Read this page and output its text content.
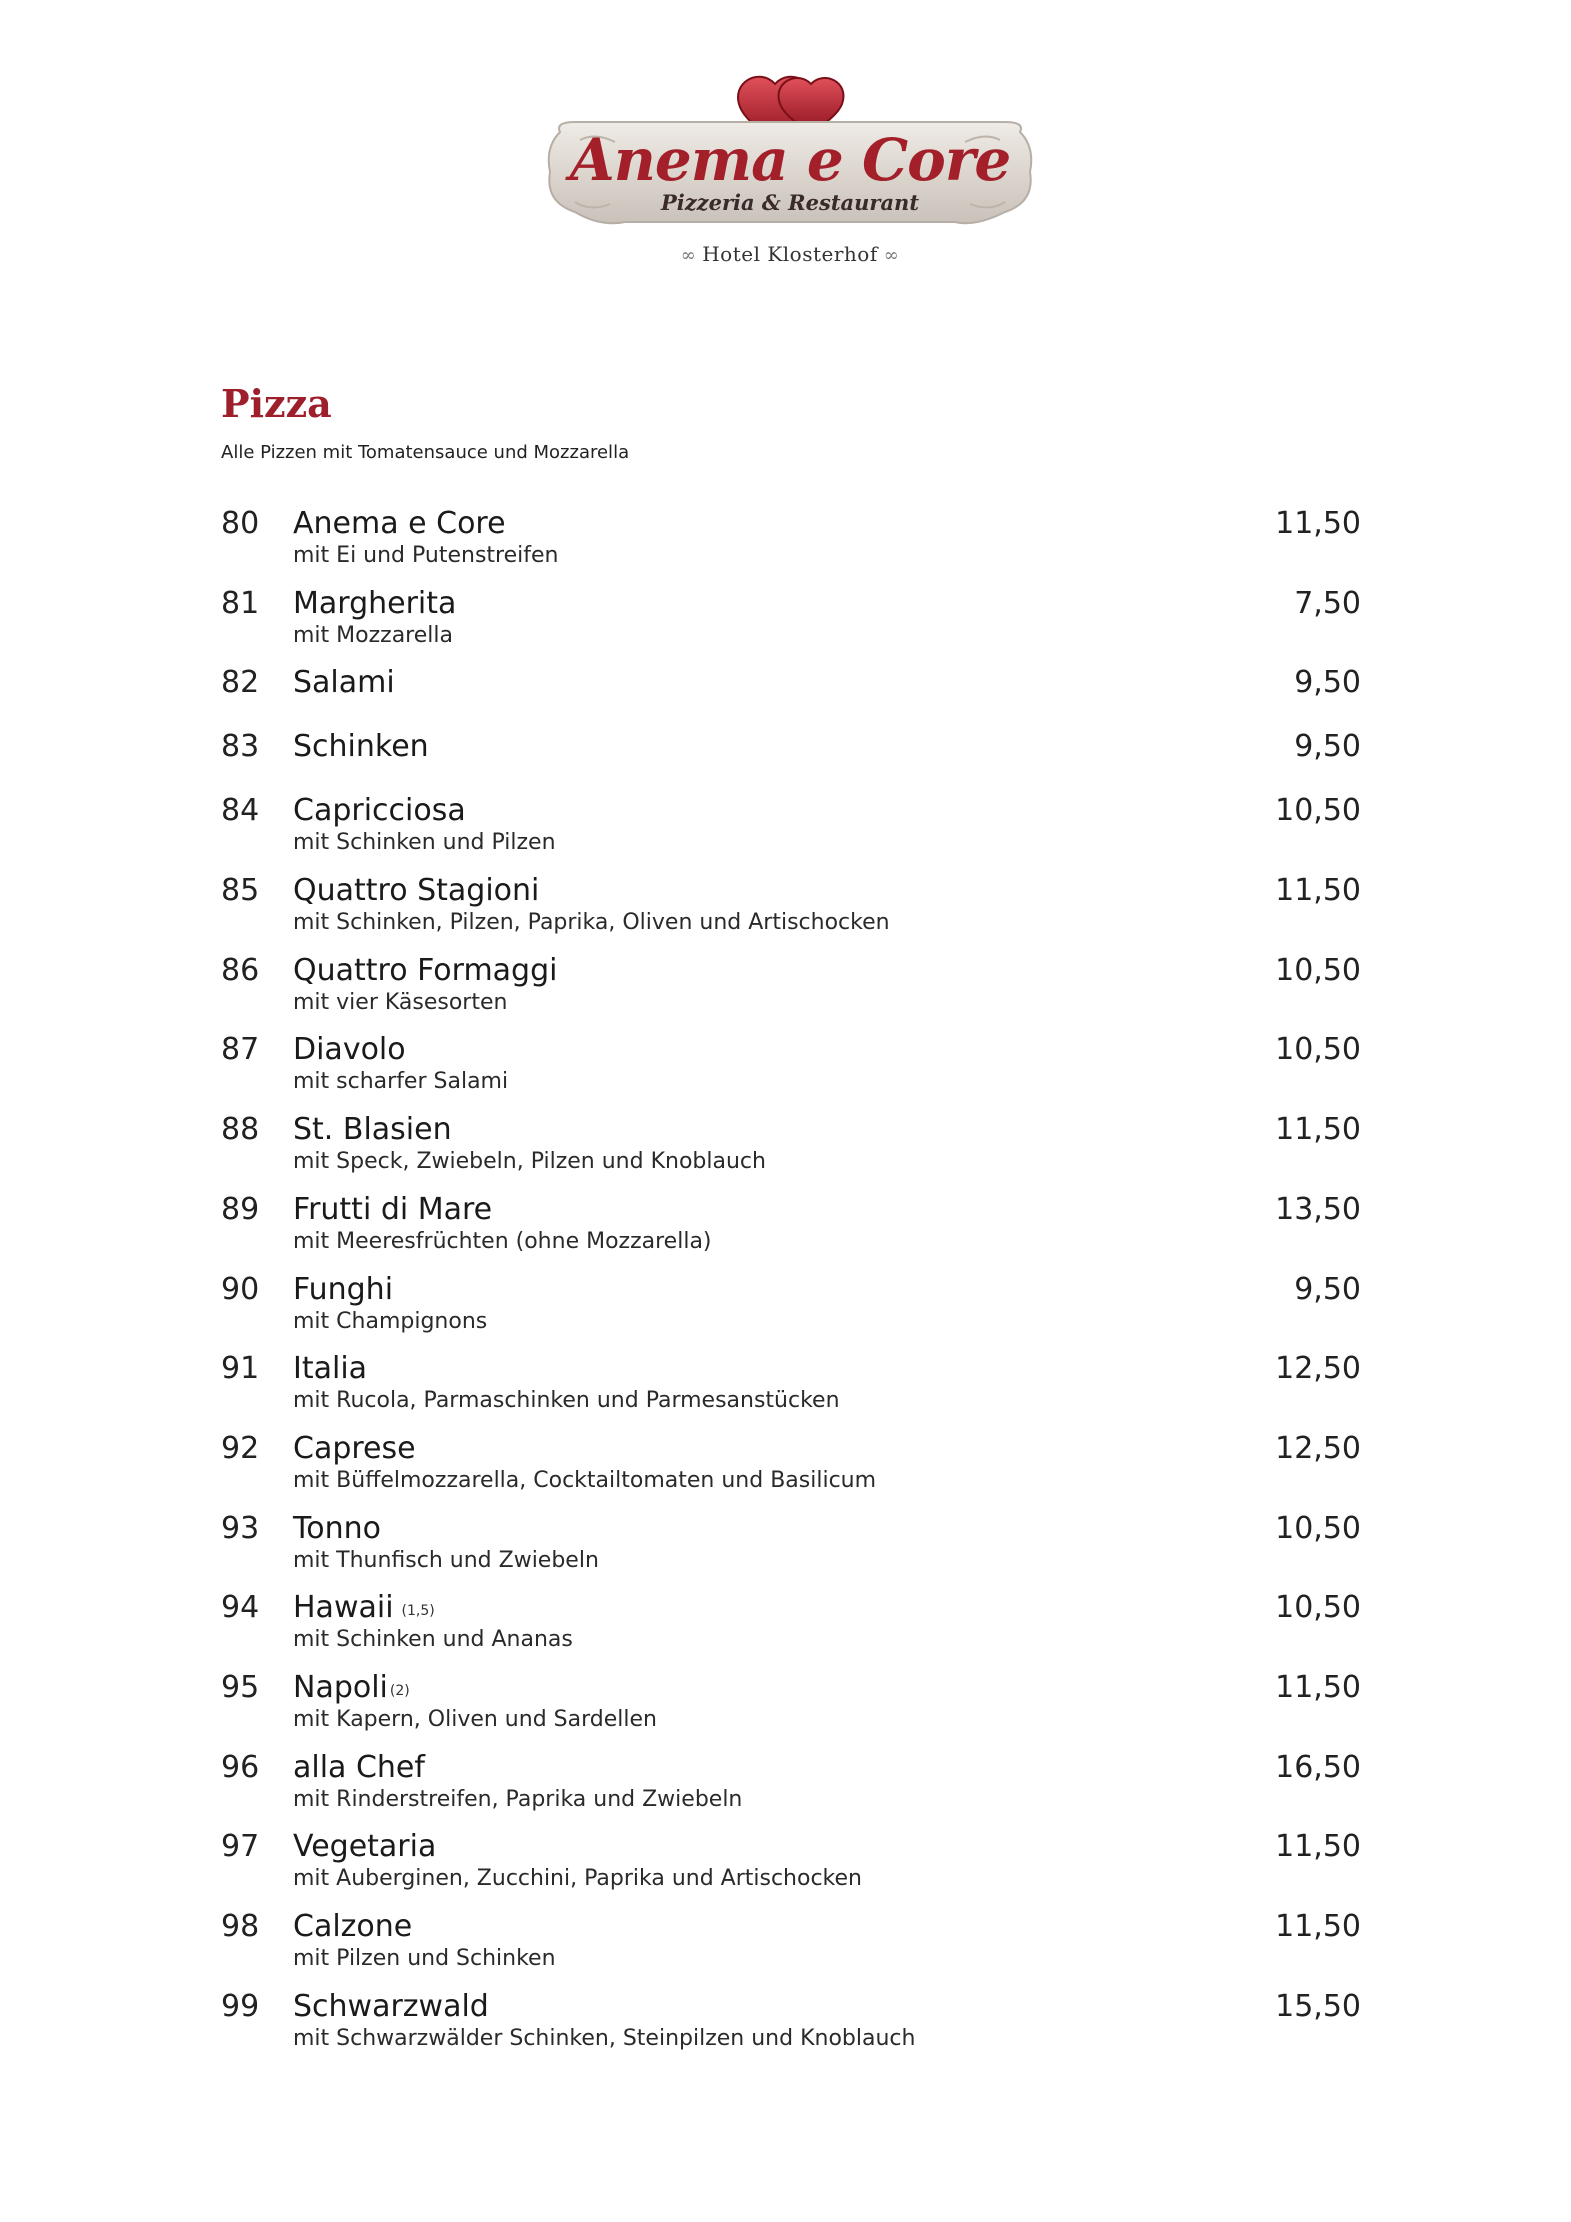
Anema e Core
Pizzeria & Restaurant
∞ Hotel Klosterhof ∞
Pizza
Alle Pizzen mit Tomatensauce und Mozzarella
80 Anema e Core
mit Ei und Putenstreifen
11,50
81 Margherita
mit Mozzarella
7,50
82 Salami	9,50
83 Schinken	9,50
84 Capricciosa
mit Schinken und Pilzen
10,50
85 Quattro Stagioni
mit Schinken, Pilzen, Paprika, Oliven und Artischocken
11,50
86 Quattro Formaggi
mit vier Käsesorten
10,50
87 Diavolo
mit scharfer Salami
10,50
88 St. Blasien
mit Speck, Zwiebeln, Pilzen und Knoblauch
11,50
89 Frutti di Mare
mit Meeresfrüchten (ohne Mozzarella)
13,50
90 Funghi
mit Champignons
9,50
91 Italia
mit Rucola, Parmaschinken und Parmesanstücken
12,50
92 Caprese
mit Büffelmozzarella, Cocktailtomaten und Basilicum
12,50
93 Tonno
mit Thunfisch und Zwiebeln
10,50
94 Hawaii (1,5)
mit Schinken und Ananas
10,50
95 Napoli (2)
mit Kapern, Oliven und Sardellen
11,50
96 alla Chef
mit Rinderstreifen, Paprika und Zwiebeln
16,50
97 Vegetaria
mit Auberginen, Zucchini, Paprika und Artischocken
11,50
98 Calzone
mit Pilzen und Schinken
11,50
99 Schwarzwald
mit Schwarzwälder Schinken, Steinpilzen und Knoblauch
15,50
